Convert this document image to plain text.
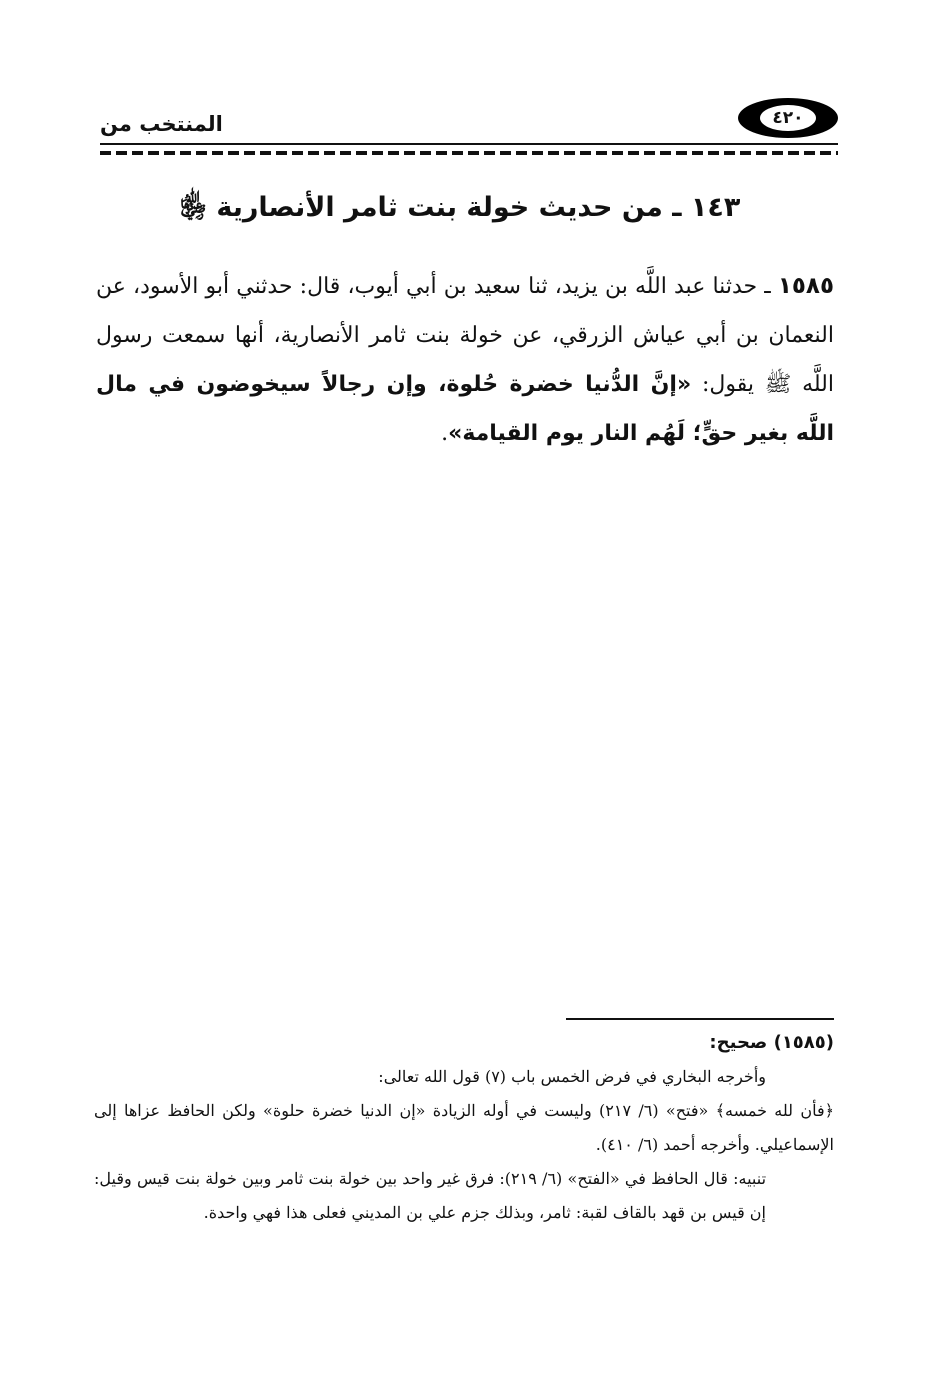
المنتخب من	٤٢٠
١٤٣ ـ من حديث خولة بنت ثامر الأنصارية ﵂
١٥٨٥ ـ حدثنا عبد اللَّه بن يزيد، ثنا سعيد بن أبي أيوب، قال: حدثني أبو الأسود، عن النعمان بن أبي عياش الزرقي، عن خولة بنت ثامر الأنصارية، أنها سمعت رسول اللَّه ﷺ يقول: «إنَّ الدُّنيا خضرة حُلوة، وإن رجالاً سيخوضون في مال اللَّه بغير حقٍّ؛ لَهُم النار يوم القيامة».
(١٥٨٥) صحيح:
وأخرجه البخاري في فرض الخمس باب (٧) قول الله تعالى:
﴿فأن لله خمسه﴾ «فتح» (٦/ ٢١٧) وليست في أوله الزيادة «إن الدنيا خضرة حلوة» ولكن الحافظ عزاها إلى الإسماعيلي. وأخرجه أحمد (٦/ ٤١٠).
تنبيه: قال الحافظ في «الفتح» (٦/ ٢١٩): فرق غير واحد بين خولة بنت ثامر وبين خولة بنت قيس وقيل: إن قيس بن قهد بالقاف لقبة: ثامر، وبذلك جزم علي بن المديني فعلى هذا فهي واحدة.
